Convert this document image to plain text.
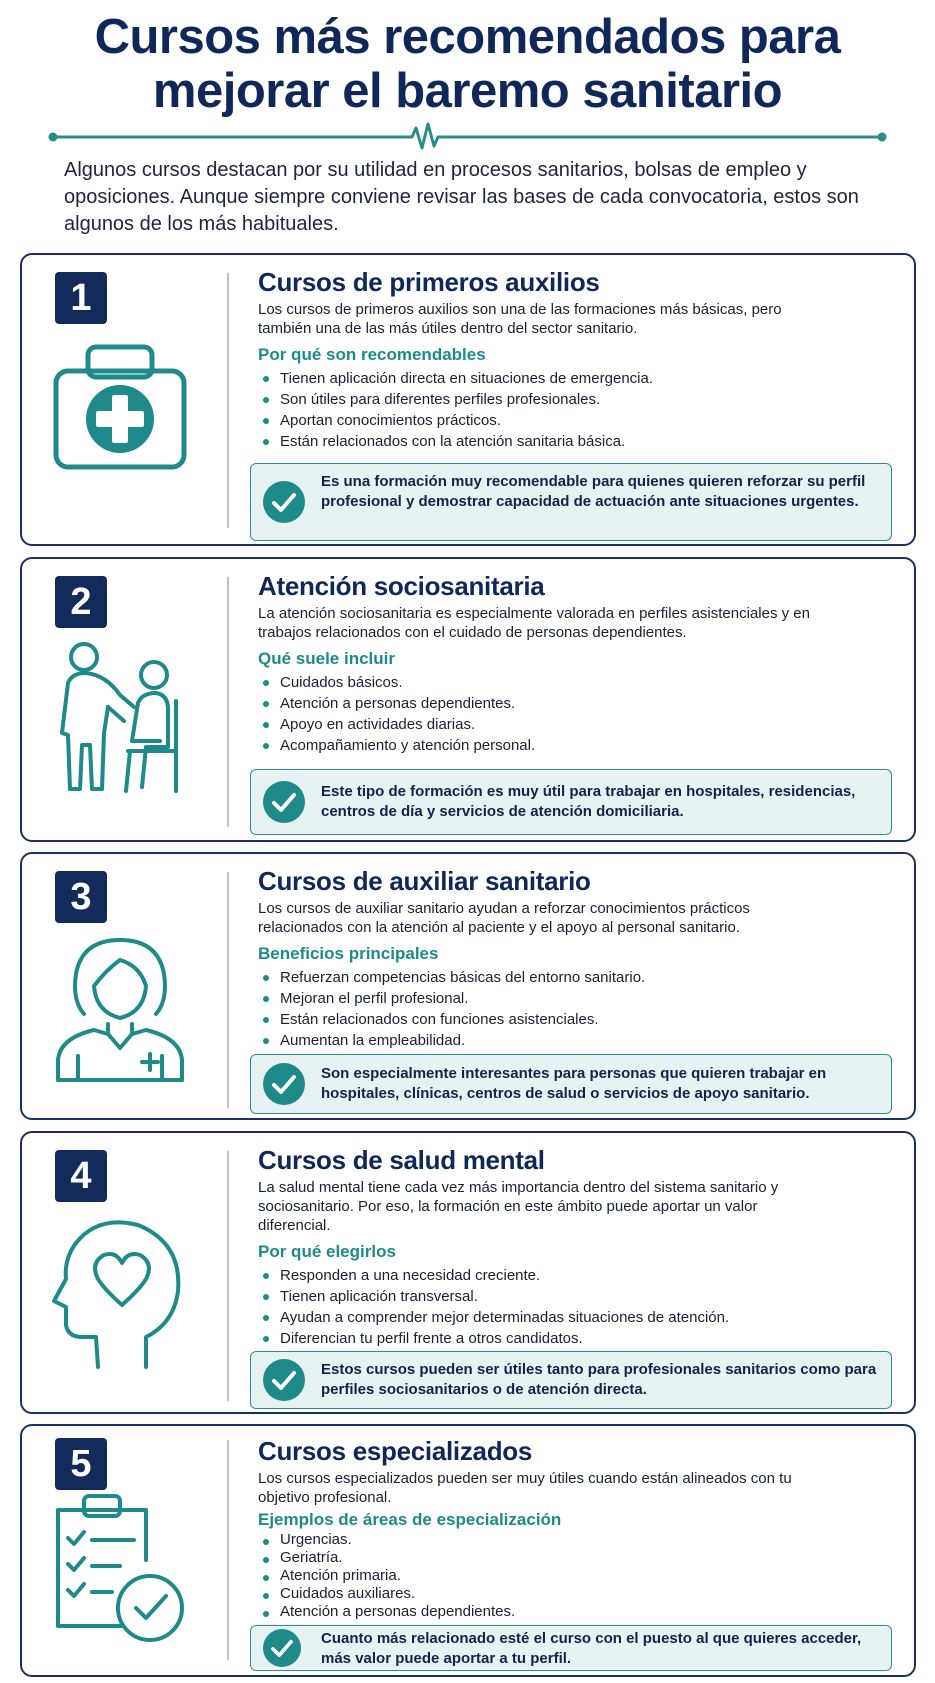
Cursos más recomendados para
mejorar el baremo sanitario

Algunos cursos destacan por su utilidad en procesos sanitarios, bolsas de empleo y oposiciones. Aunque siempre conviene revisar las bases de cada convocatoria, estos son algunos de los más habituales.

1	Cursos de primeros auxilios

Los cursos de primeros auxilios son una de las formaciones más básicas, pero también una de las más útiles dentro del sector sanitario.

Por qué son recomendables
Tienen aplicación directa en situaciones de emergencia.
Son útiles para diferentes perfiles profesionales.
Aportan conocimientos prácticos.
Están relacionados con la atención sanitaria básica.

Es una formación muy recomendable para quienes quieren reforzar su perfil profesional y demostrar capacidad de actuación ante situaciones urgentes.

2	Atención sociosanitaria

La atención sociosanitaria es especialmente valorada en perfiles asistenciales y en trabajos relacionados con el cuidado de personas dependientes.

Qué suele incluir
Cuidados básicos.
Atención a personas dependientes.
Apoyo en actividades diarias.
Acompañamiento y atención personal.

Este tipo de formación es muy útil para trabajar en hospitales, residencias, centros de día y servicios de atención domiciliaria.

3	Cursos de auxiliar sanitario

Los cursos de auxiliar sanitario ayudan a reforzar conocimientos prácticos relacionados con la atención al paciente y el apoyo al personal sanitario.

Beneficios principales
Refuerzan competencias básicas del entorno sanitario.
Mejoran el perfil profesional.
Están relacionados con funciones asistenciales.
Aumentan la empleabilidad.

Son especialmente interesantes para personas que quieren trabajar en hospitales, clínicas, centros de salud o servicios de apoyo sanitario.

4	Cursos de salud mental

La salud mental tiene cada vez más importancia dentro del sistema sanitario y sociosanitario. Por eso, la formación en este ámbito puede aportar un valor diferencial.

Por qué elegirlos
Responden a una necesidad creciente.
Tienen aplicación transversal.
Ayudan a comprender mejor determinadas situaciones de atención.
Diferencian tu perfil frente a otros candidatos.

Estos cursos pueden ser útiles tanto para profesionales sanitarios como para perfiles sociosanitarios o de atención directa.

5	Cursos especializados

Los cursos especializados pueden ser muy útiles cuando están alineados con tu objetivo profesional.

Ejemplos de áreas de especialización
Urgencias.
Geriatría.
Atención primaria.
Cuidados auxiliares.
Atención a personas dependientes.

Cuanto más relacionado esté el curso con el puesto al que quieres acceder, más valor puede aportar a tu perfil.
